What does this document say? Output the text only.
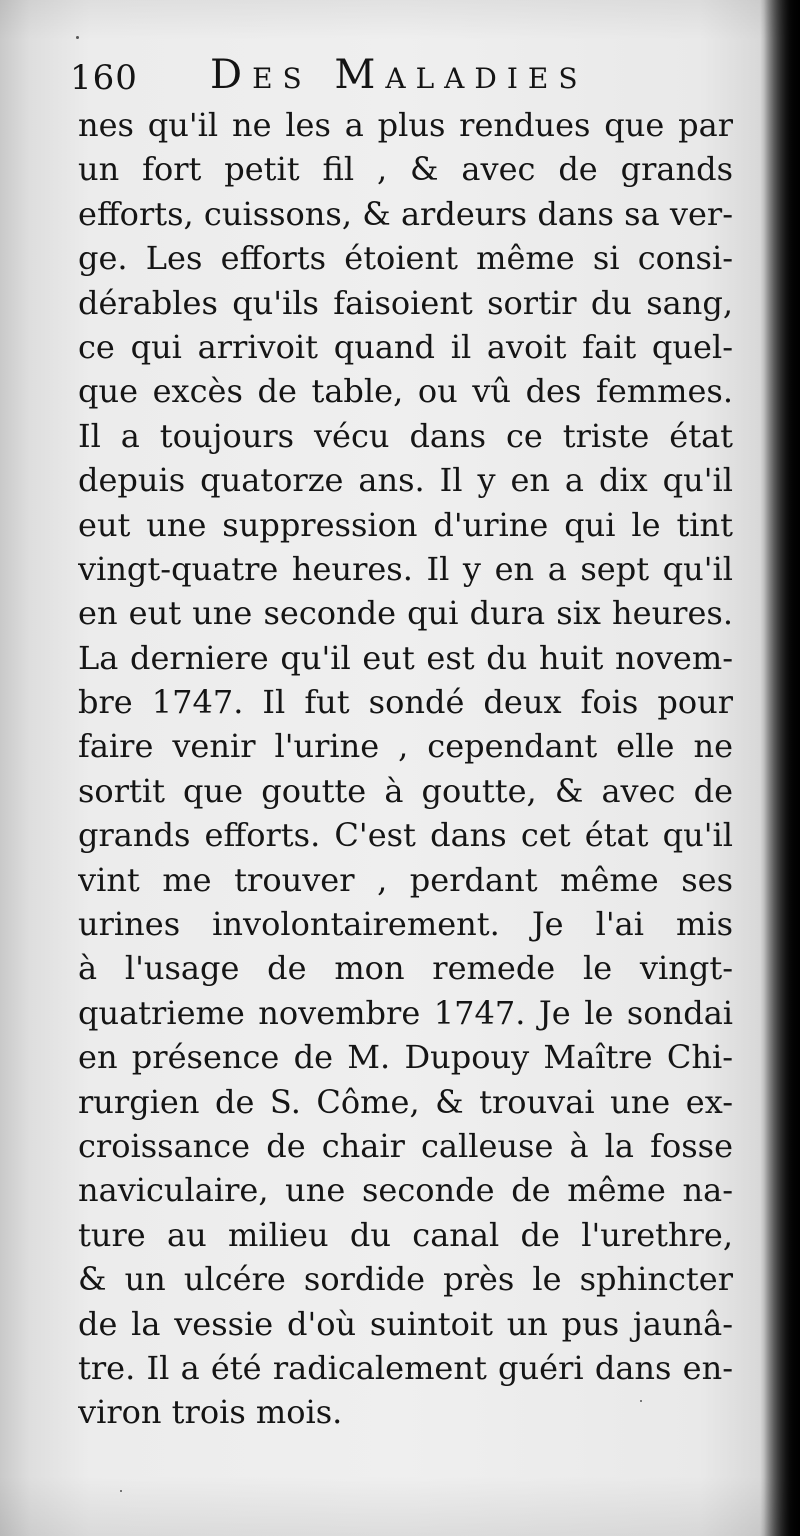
160 Des Maladies
nes qu'il ne les a plus rendues que par
un fort petit fil , & avec de grands
efforts, cuissons, & ardeurs dans sa ver-
ge. Les efforts étoient même si consi-
dérables qu'ils faisoient sortir du sang,
ce qui arrivoit quand il avoit fait quel-
que excès de table, ou vû des femmes.
Il a toujours vécu dans ce triste état
depuis quatorze ans. Il y en a dix qu'il
eut une suppression d'urine qui le tint
vingt-quatre heures. Il y en a sept qu'il
en eut une seconde qui dura six heures.
La derniere qu'il eut est du huit novem-
bre 1747. Il fut sondé deux fois pour
faire venir l'urine , cependant elle ne
sortit que goutte à goutte, & avec de
grands efforts. C'est dans cet état qu'il
vint me trouver , perdant même ses
urines involontairement. Je l'ai mis
à l'usage de mon remede le vingt-
quatrieme novembre 1747. Je le sondai
en présence de M. Dupouy Maître Chi-
rurgien de S. Côme, & trouvai une ex-
croissance de chair calleuse à la fosse
naviculaire, une seconde de même na-
ture au milieu du canal de l'urethre,
& un ulcére sordide près le sphincter
de la vessie d'où suintoit un pus jaunâ-
tre. Il a été radicalement guéri dans en-
viron trois mois.
